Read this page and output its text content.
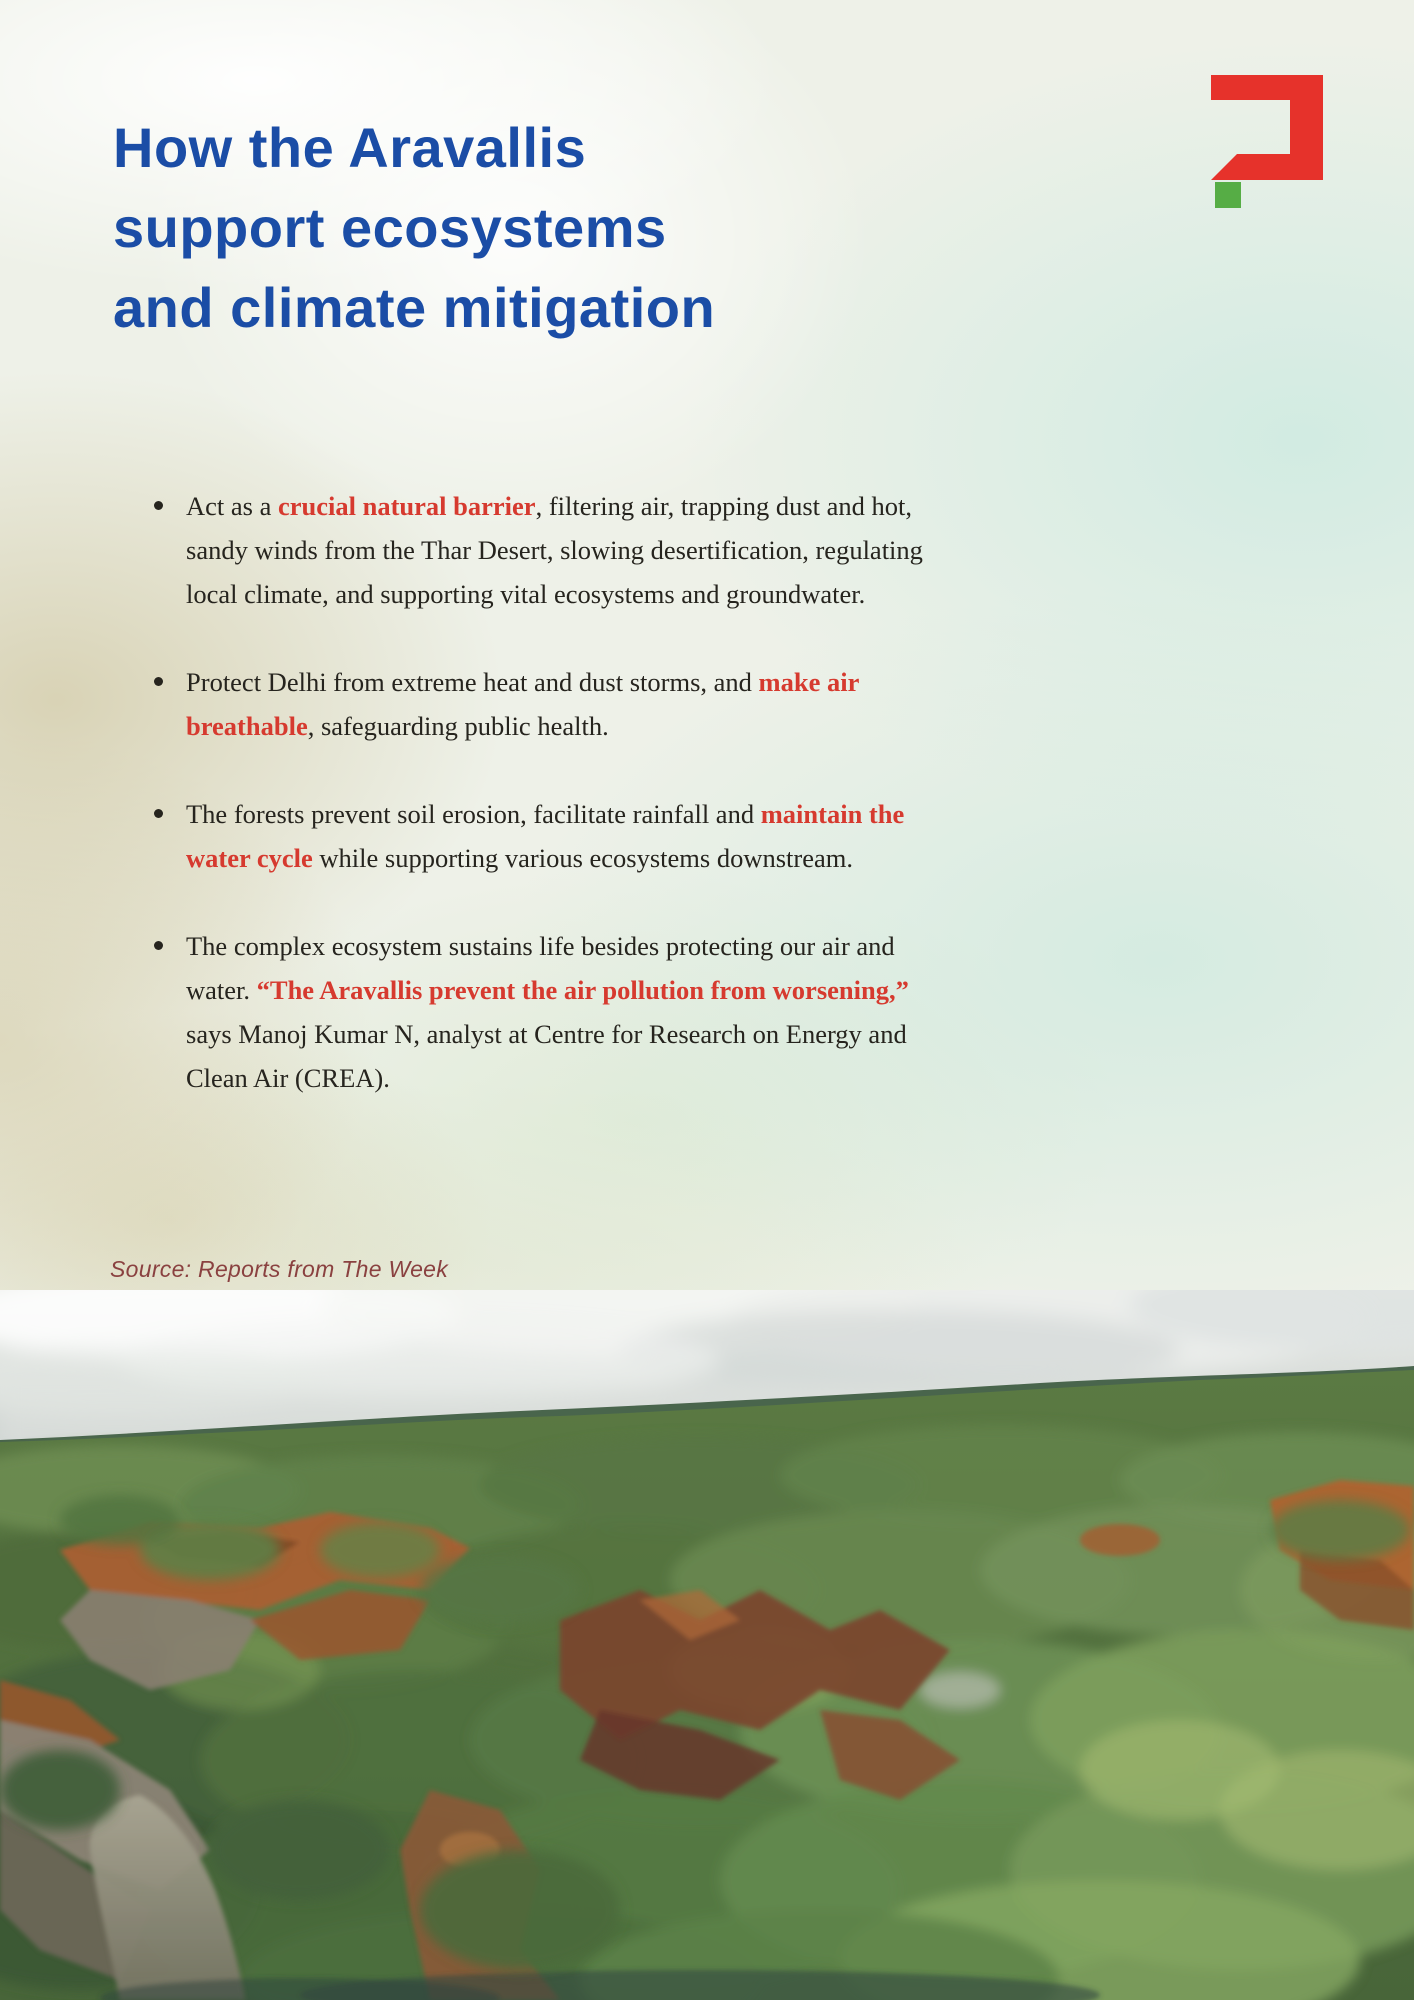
How the Aravallis
support ecosystems
and climate mitigation
Act as a crucial natural barrier, filtering air, trapping dust and hot, sandy winds from the Thar Desert, slowing desertification, regulating local climate, and supporting vital ecosystems and groundwater.
Protect Delhi from extreme heat and dust storms, and make air breathable, safeguarding public health.
The forests prevent soil erosion, facilitate rainfall and maintain the water cycle while supporting various ecosystems downstream.
The complex ecosystem sustains life besides protecting our air and water. “The Aravallis prevent the air pollution from worsening,” says Manoj Kumar N, analyst at Centre for Research on Energy and Clean Air (CREA).
Source: Reports from The Week
